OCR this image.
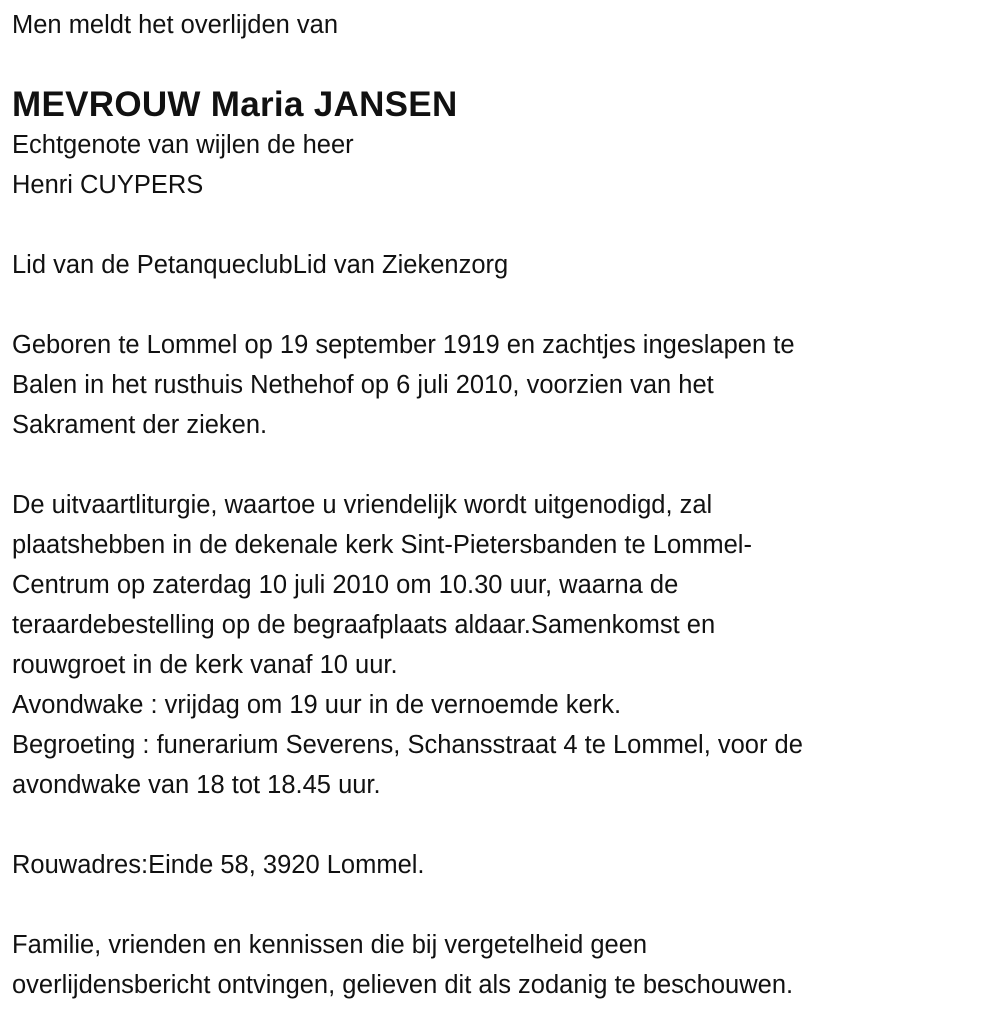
Men meldt het overlijden van
MEVROUW Maria JANSEN
Echtgenote van wijlen de heer
Henri CUYPERS
Lid van de PetanqueclubLid van Ziekenzorg
Geboren te Lommel op 19 september 1919 en zachtjes ingeslapen te
Balen in het rusthuis Nethehof op 6 juli 2010, voorzien van het
Sakrament der zieken.
De uitvaartliturgie, waartoe u vriendelijk wordt uitgenodigd, zal
plaatshebben in de dekenale kerk Sint-Pietersbanden te Lommel-
Centrum op zaterdag 10 juli 2010 om 10.30 uur, waarna de
teraardebestelling op de begraafplaats aldaar.Samenkomst en
rouwgroet in de kerk vanaf 10 uur.
Avondwake : vrijdag om 19 uur in de vernoemde kerk.
Begroeting : funerarium Severens, Schansstraat 4 te Lommel, voor de
avondwake van 18 tot 18.45 uur.
Rouwadres:Einde 58, 3920 Lommel.
Familie, vrienden en kennissen die bij vergetelheid geen
overlijdensbericht ontvingen, gelieven dit als zodanig te beschouwen.
